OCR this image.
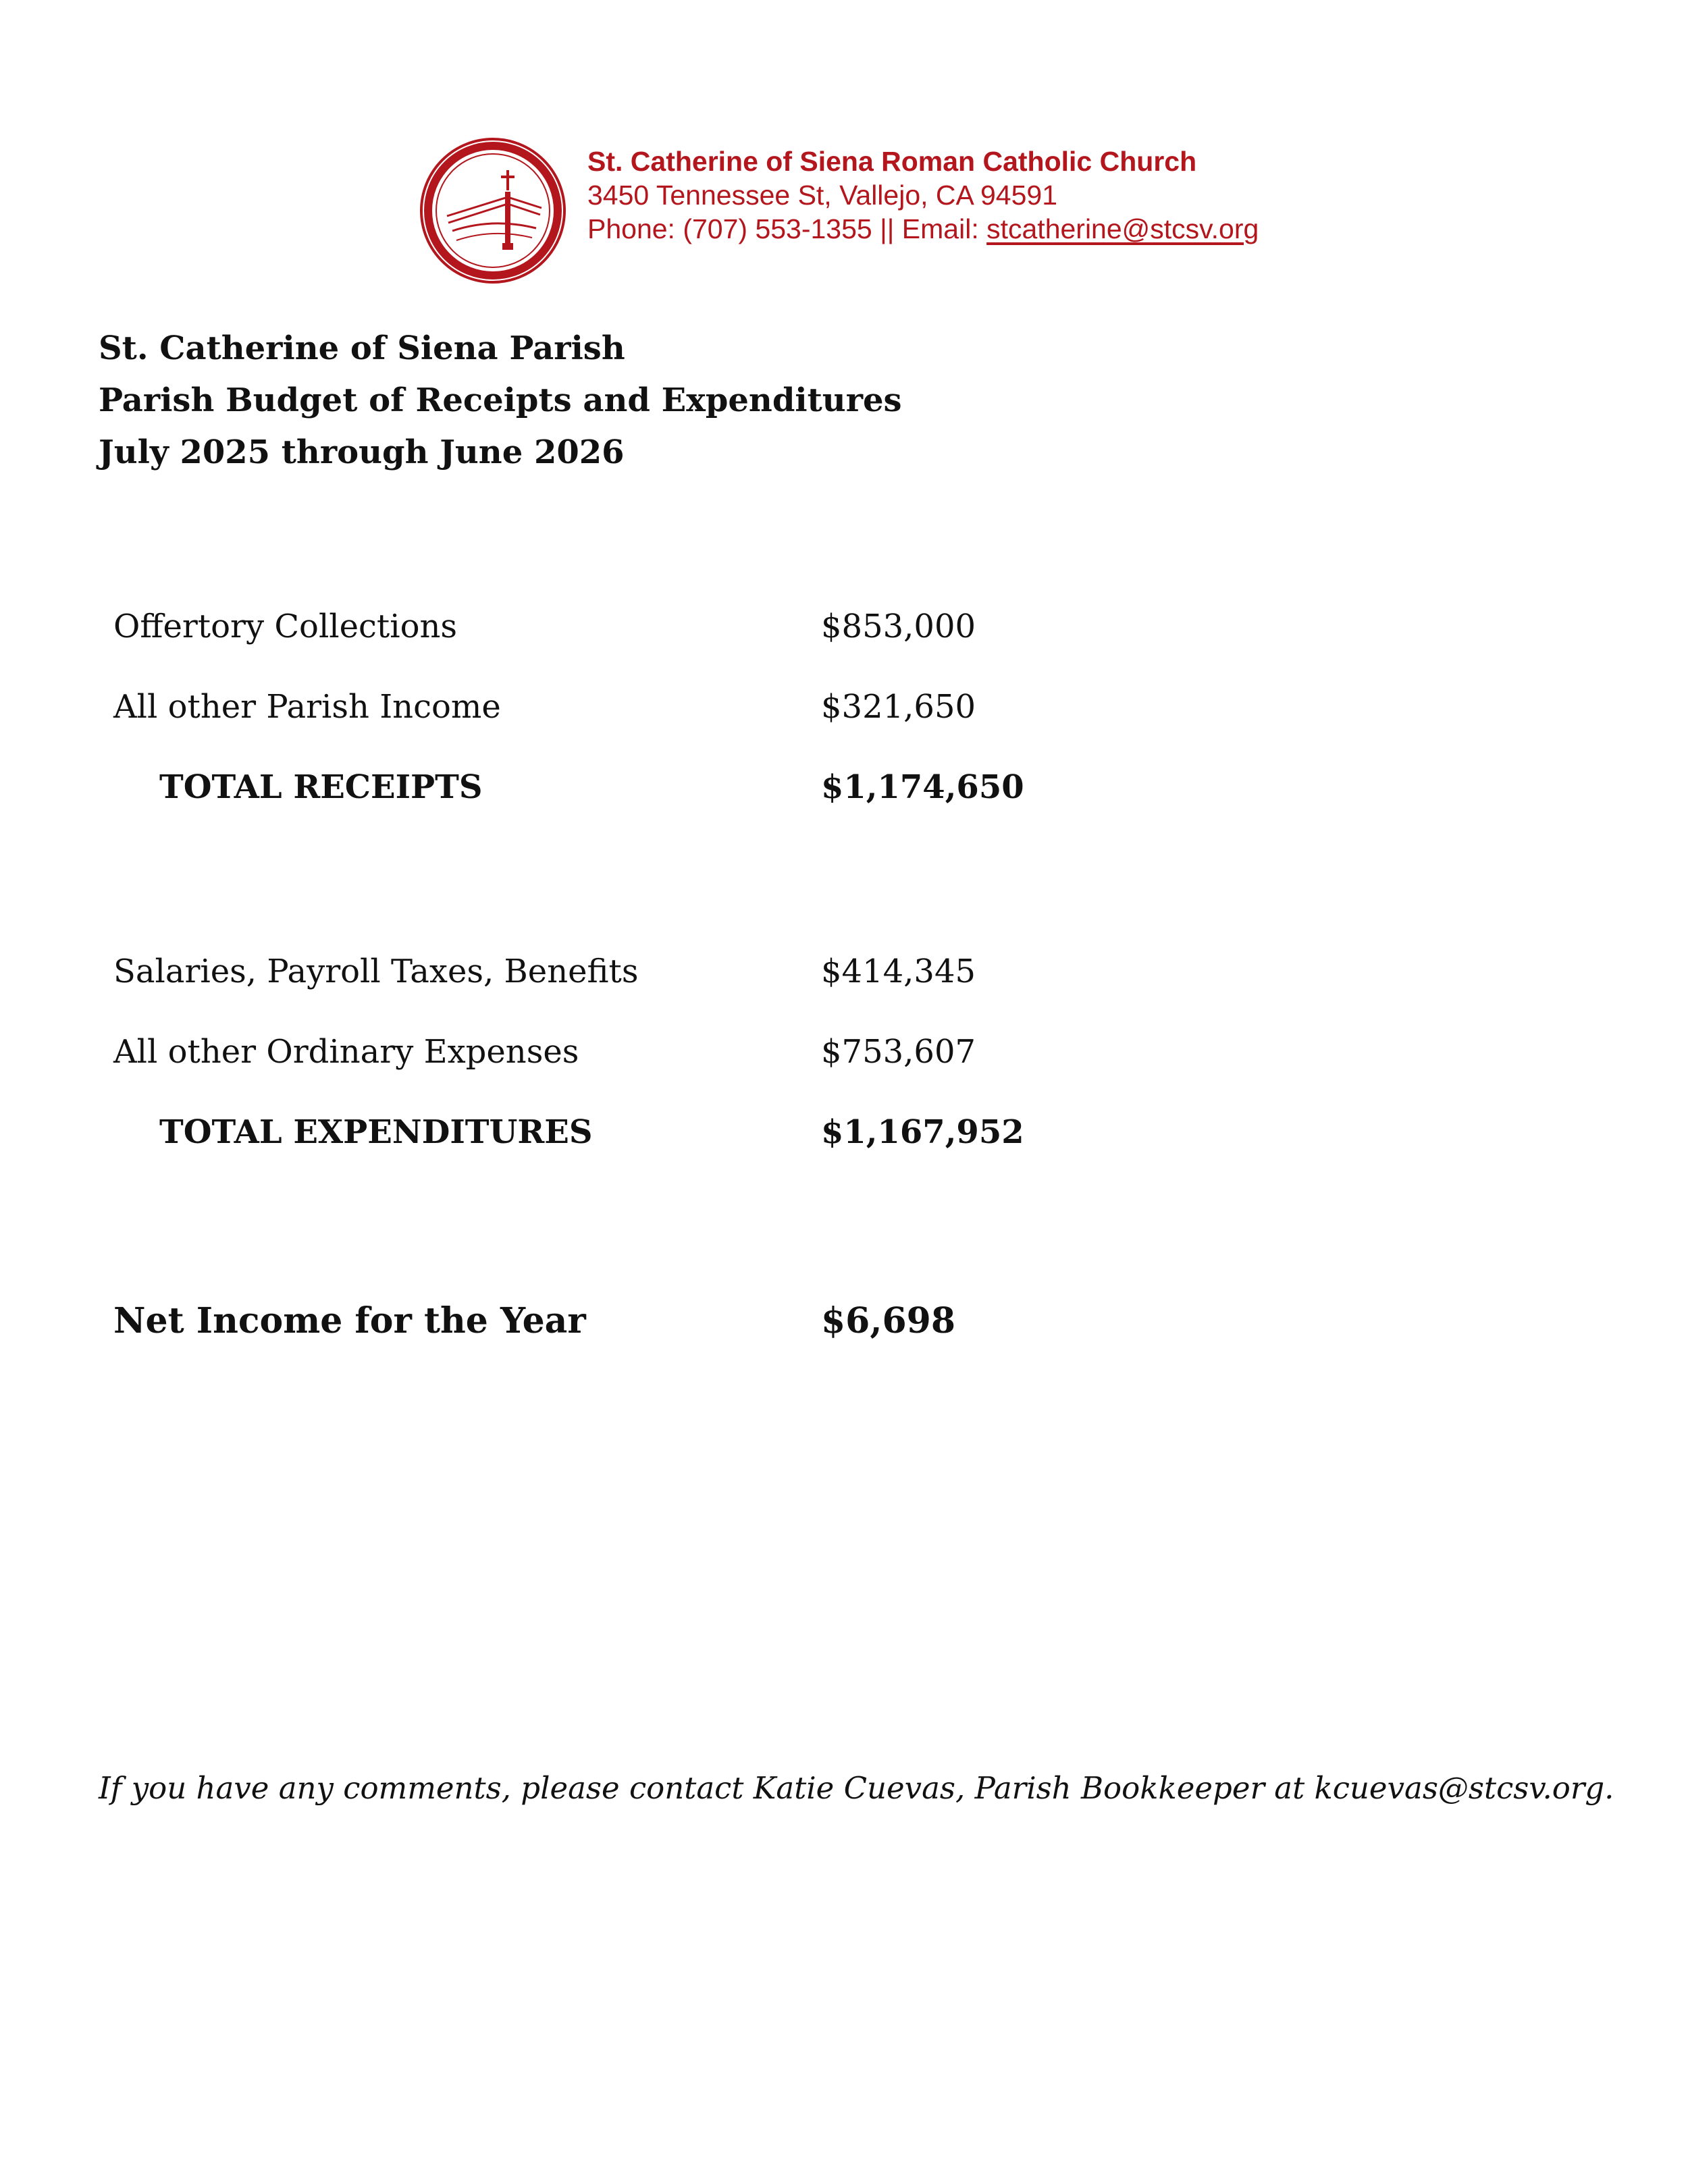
St. Catherine of Siena Roman Catholic Church
3450 Tennessee St, Vallejo, CA 94591
Phone: (707) 553-1355 || Email: stcatherine@stcsv.org
St. Catherine of Siena Parish
Parish Budget of Receipts and Expenditures
July 2025 through June 2026
Offertory Collections	$853,000
All other Parish Income	$321,650
TOTAL RECEIPTS	$1,174,650
Salaries, Payroll Taxes, Benefits	$414,345
All other Ordinary Expenses	$753,607
TOTAL EXPENDITURES	$1,167,952
Net Income for the Year	$6,698
If you have any comments, please contact Katie Cuevas, Parish Bookkeeper at kcuevas@stcsv.org.
